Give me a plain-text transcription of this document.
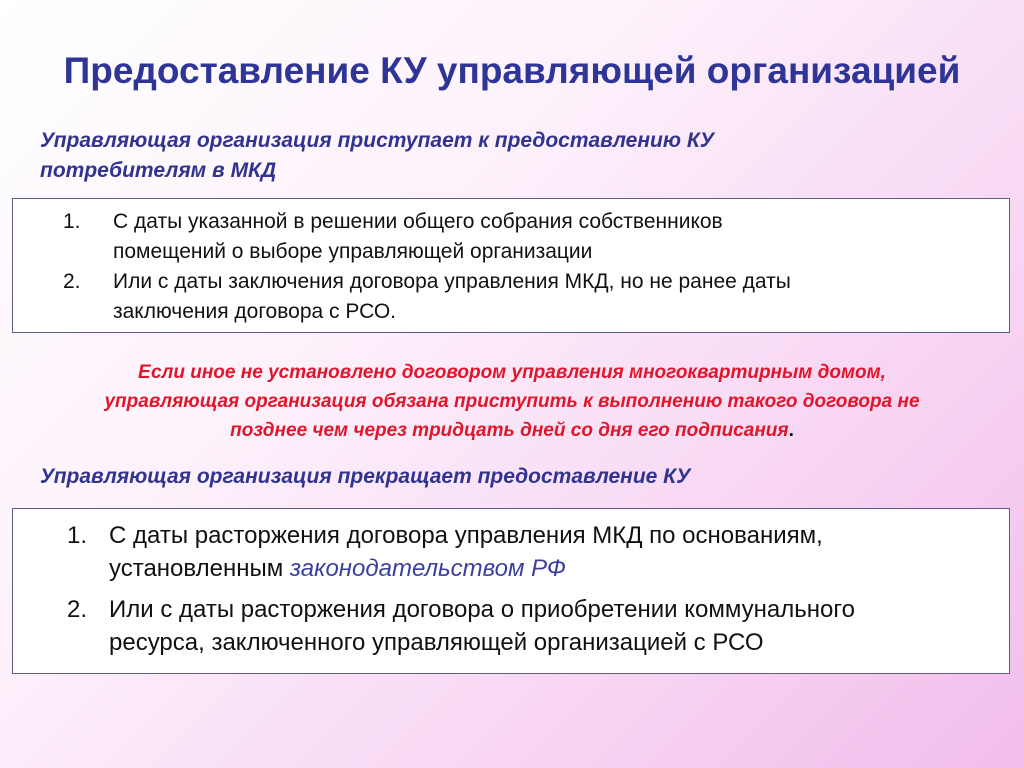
Предоставление КУ управляющей организацией
Управляющая организация приступает к предоставлению КУ
потребителям в МКД
1. С даты указанной в решении общего собрания собственников
помещений о выборе управляющей организации
2. Или с даты заключения договора управления МКД, но не ранее даты
заключения договора с РСО.
Если иное не установлено договором управления многоквартирным домом,
управляющая организация обязана приступить к выполнению такого договора не
позднее чем через тридцать дней со дня его подписания.
Управляющая организация прекращает предоставление КУ
1. С даты расторжения договора управления МКД по основаниям,
установленным законодательством РФ
2. Или с даты расторжения договора о приобретении коммунального
ресурса, заключенного управляющей организацией с РСО
